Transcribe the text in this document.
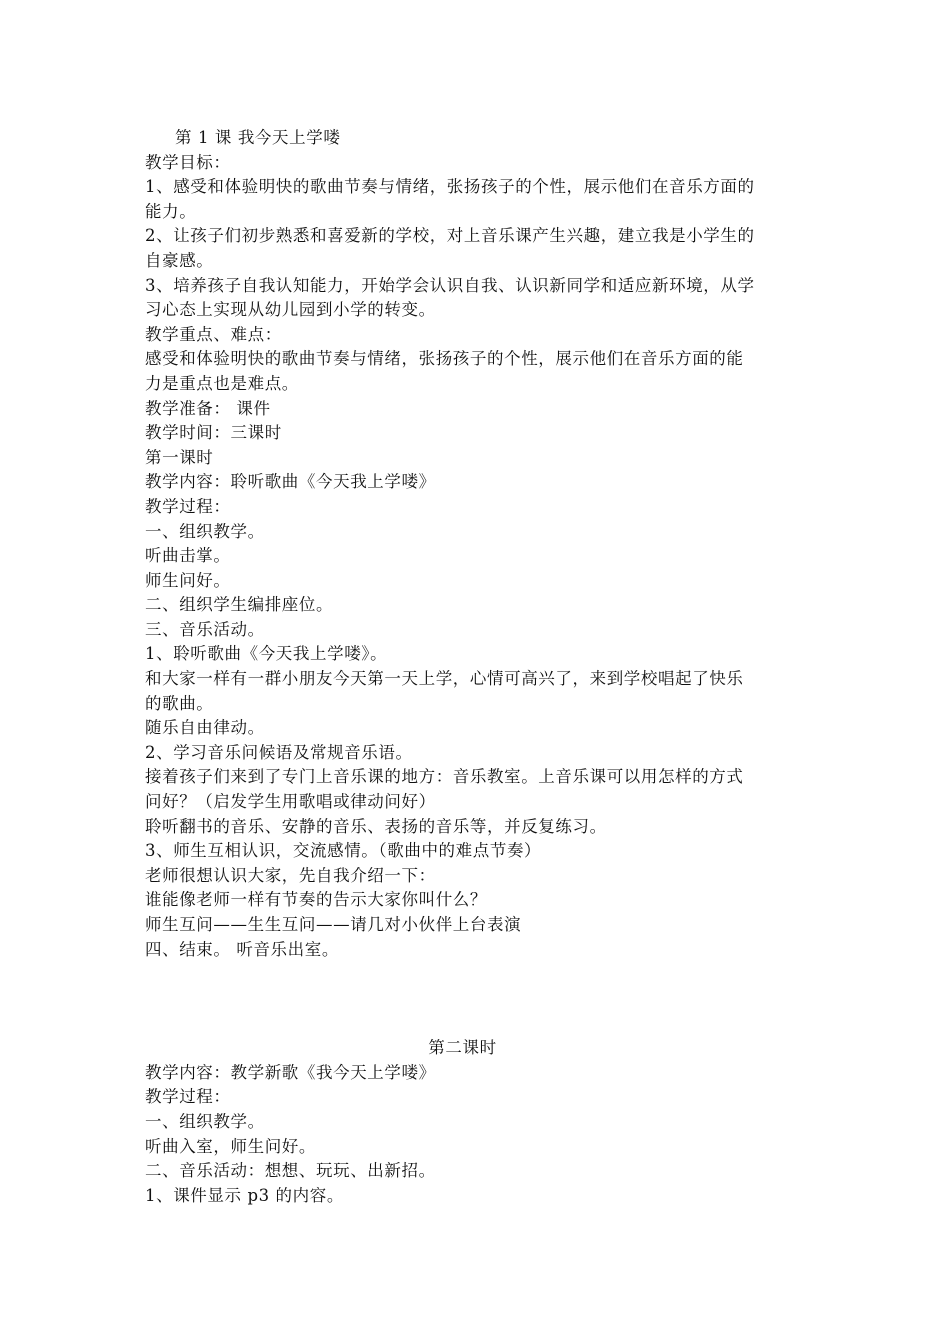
第 1 课 我今天上学喽

教学目标：

1、感受和体验明快的歌曲节奏与情绪，张扬孩子的个性，展示他们在音乐方面的

能力。

2、让孩子们初步熟悉和喜爱新的学校，对上音乐课产生兴趣，建立我是小学生的

自豪感。

3、培养孩子自我认知能力，开始学会认识自我、认识新同学和适应新环境，从学

习心态上实现从幼儿园到小学的转变。

教学重点、难点：

感受和体验明快的歌曲节奏与情绪，张扬孩子的个性，展示他们在音乐方面的能

力是重点也是难点。

教学准备： 课件

教学时间：三课时

第一课时

教学内容：聆听歌曲《今天我上学喽》

教学过程：

一、组织教学。

听曲击掌。

师生问好。

二、组织学生编排座位。

三、音乐活动。

1、聆听歌曲《今天我上学喽》。

和大家一样有一群小朋友今天第一天上学，心情可高兴了，来到学校唱起了快乐

的歌曲。

随乐自由律动。

2、学习音乐问候语及常规音乐语。

接着孩子们来到了专门上音乐课的地方：音乐教室。上音乐课可以用怎样的方式

问好？（启发学生用歌唱或律动问好）

聆听翻书的音乐、安静的音乐、表扬的音乐等，并反复练习。

3、师生互相认识，交流感情。（歌曲中的难点节奏）

老师很想认识大家，先自我介绍一下：

谁能像老师一样有节奏的告示大家你叫什么？

师生互问——生生互问——请几对小伙伴上台表演

四、结束。 听音乐出室。

第二课时

教学内容：教学新歌《我今天上学喽》

教学过程：

一、组织教学。

听曲入室，师生问好。

二、音乐活动：想想、玩玩、出新招。

1、课件显示 p3 的内容。
